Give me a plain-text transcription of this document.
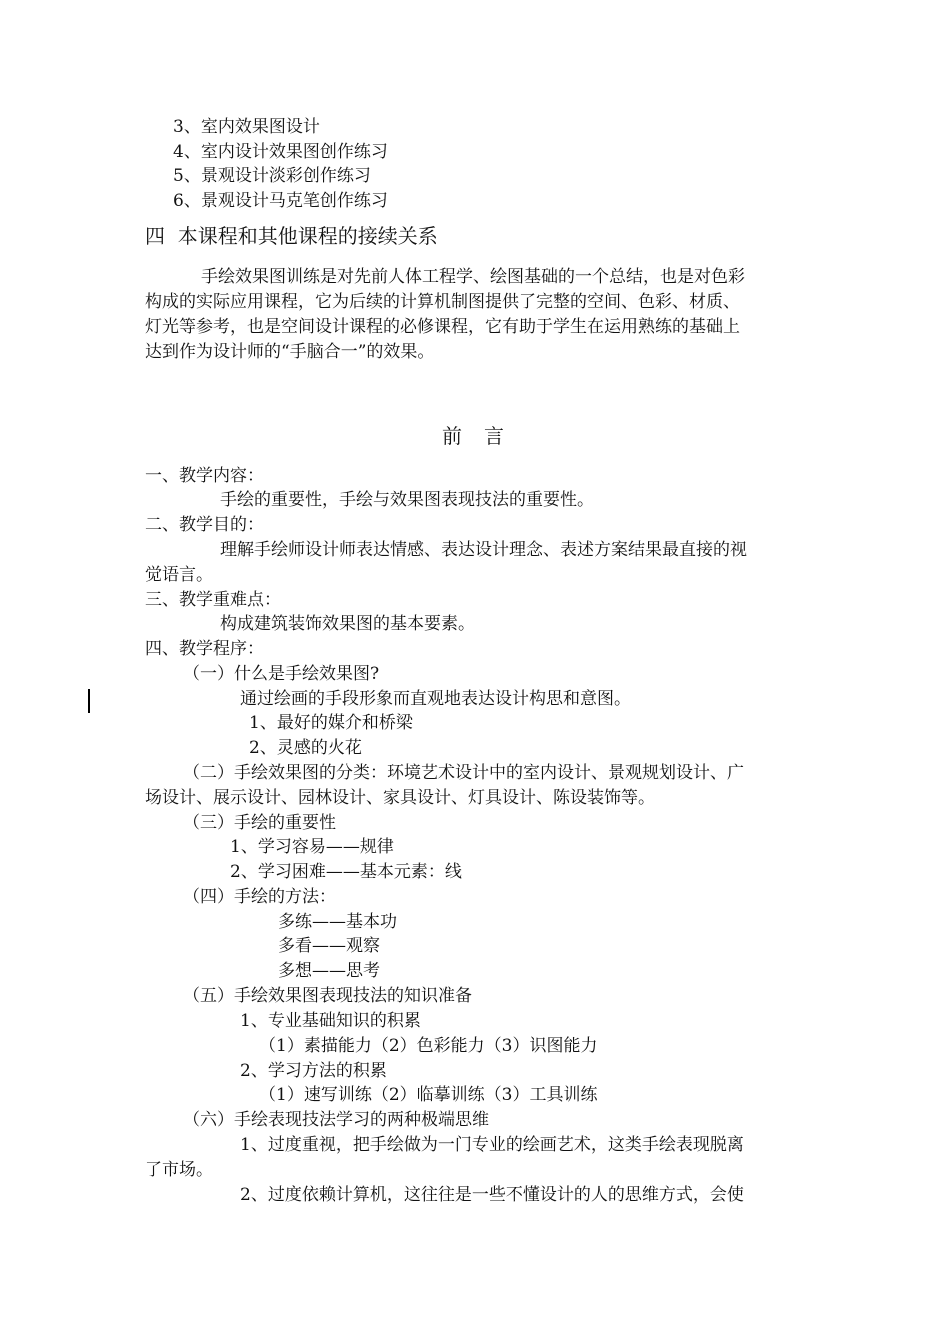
3、室内效果图设计
4、室内设计效果图创作练习
5、景观设计淡彩创作练习
6、景观设计马克笔创作练习
四  本课程和其他课程的接续关系
手绘效果图训练是对先前人体工程学、绘图基础的一个总结，也是对色彩
构成的实际应用课程，它为后续的计算机制图提供了完整的空间、色彩、材质、
灯光等参考，也是空间设计课程的必修课程，它有助于学生在运用熟练的基础上
达到作为设计师的“手脑合一”的效果。
前言
一、教学内容：
手绘的重要性，手绘与效果图表现技法的重要性。
二、教学目的：
理解手绘师设计师表达情感、表达设计理念、表述方案结果最直接的视
觉语言。
三、教学重难点：
构成建筑装饰效果图的基本要素。
四、教学程序：
（一）什么是手绘效果图?
通过绘画的手段形象而直观地表达设计构思和意图。
1、最好的媒介和桥梁
2、灵感的火花
（二）手绘效果图的分类：环境艺术设计中的室内设计、景观规划设计、广
场设计、展示设计、园林设计、家具设计、灯具设计、陈设装饰等。
（三）手绘的重要性
1、学习容易——规律
2、学习困难——基本元素：线
（四）手绘的方法：
多练——基本功
多看——观察
多想——思考
（五）手绘效果图表现技法的知识准备
1、专业基础知识的积累
（1）素描能力（2）色彩能力（3）识图能力
2、学习方法的积累
（1）速写训练（2）临摹训练（3）工具训练
（六）手绘表现技法学习的两种极端思维
1、过度重视，把手绘做为一门专业的绘画艺术，这类手绘表现脱离
了市场。
2、过度依赖计算机，这往往是一些不懂设计的人的思维方式，会使
